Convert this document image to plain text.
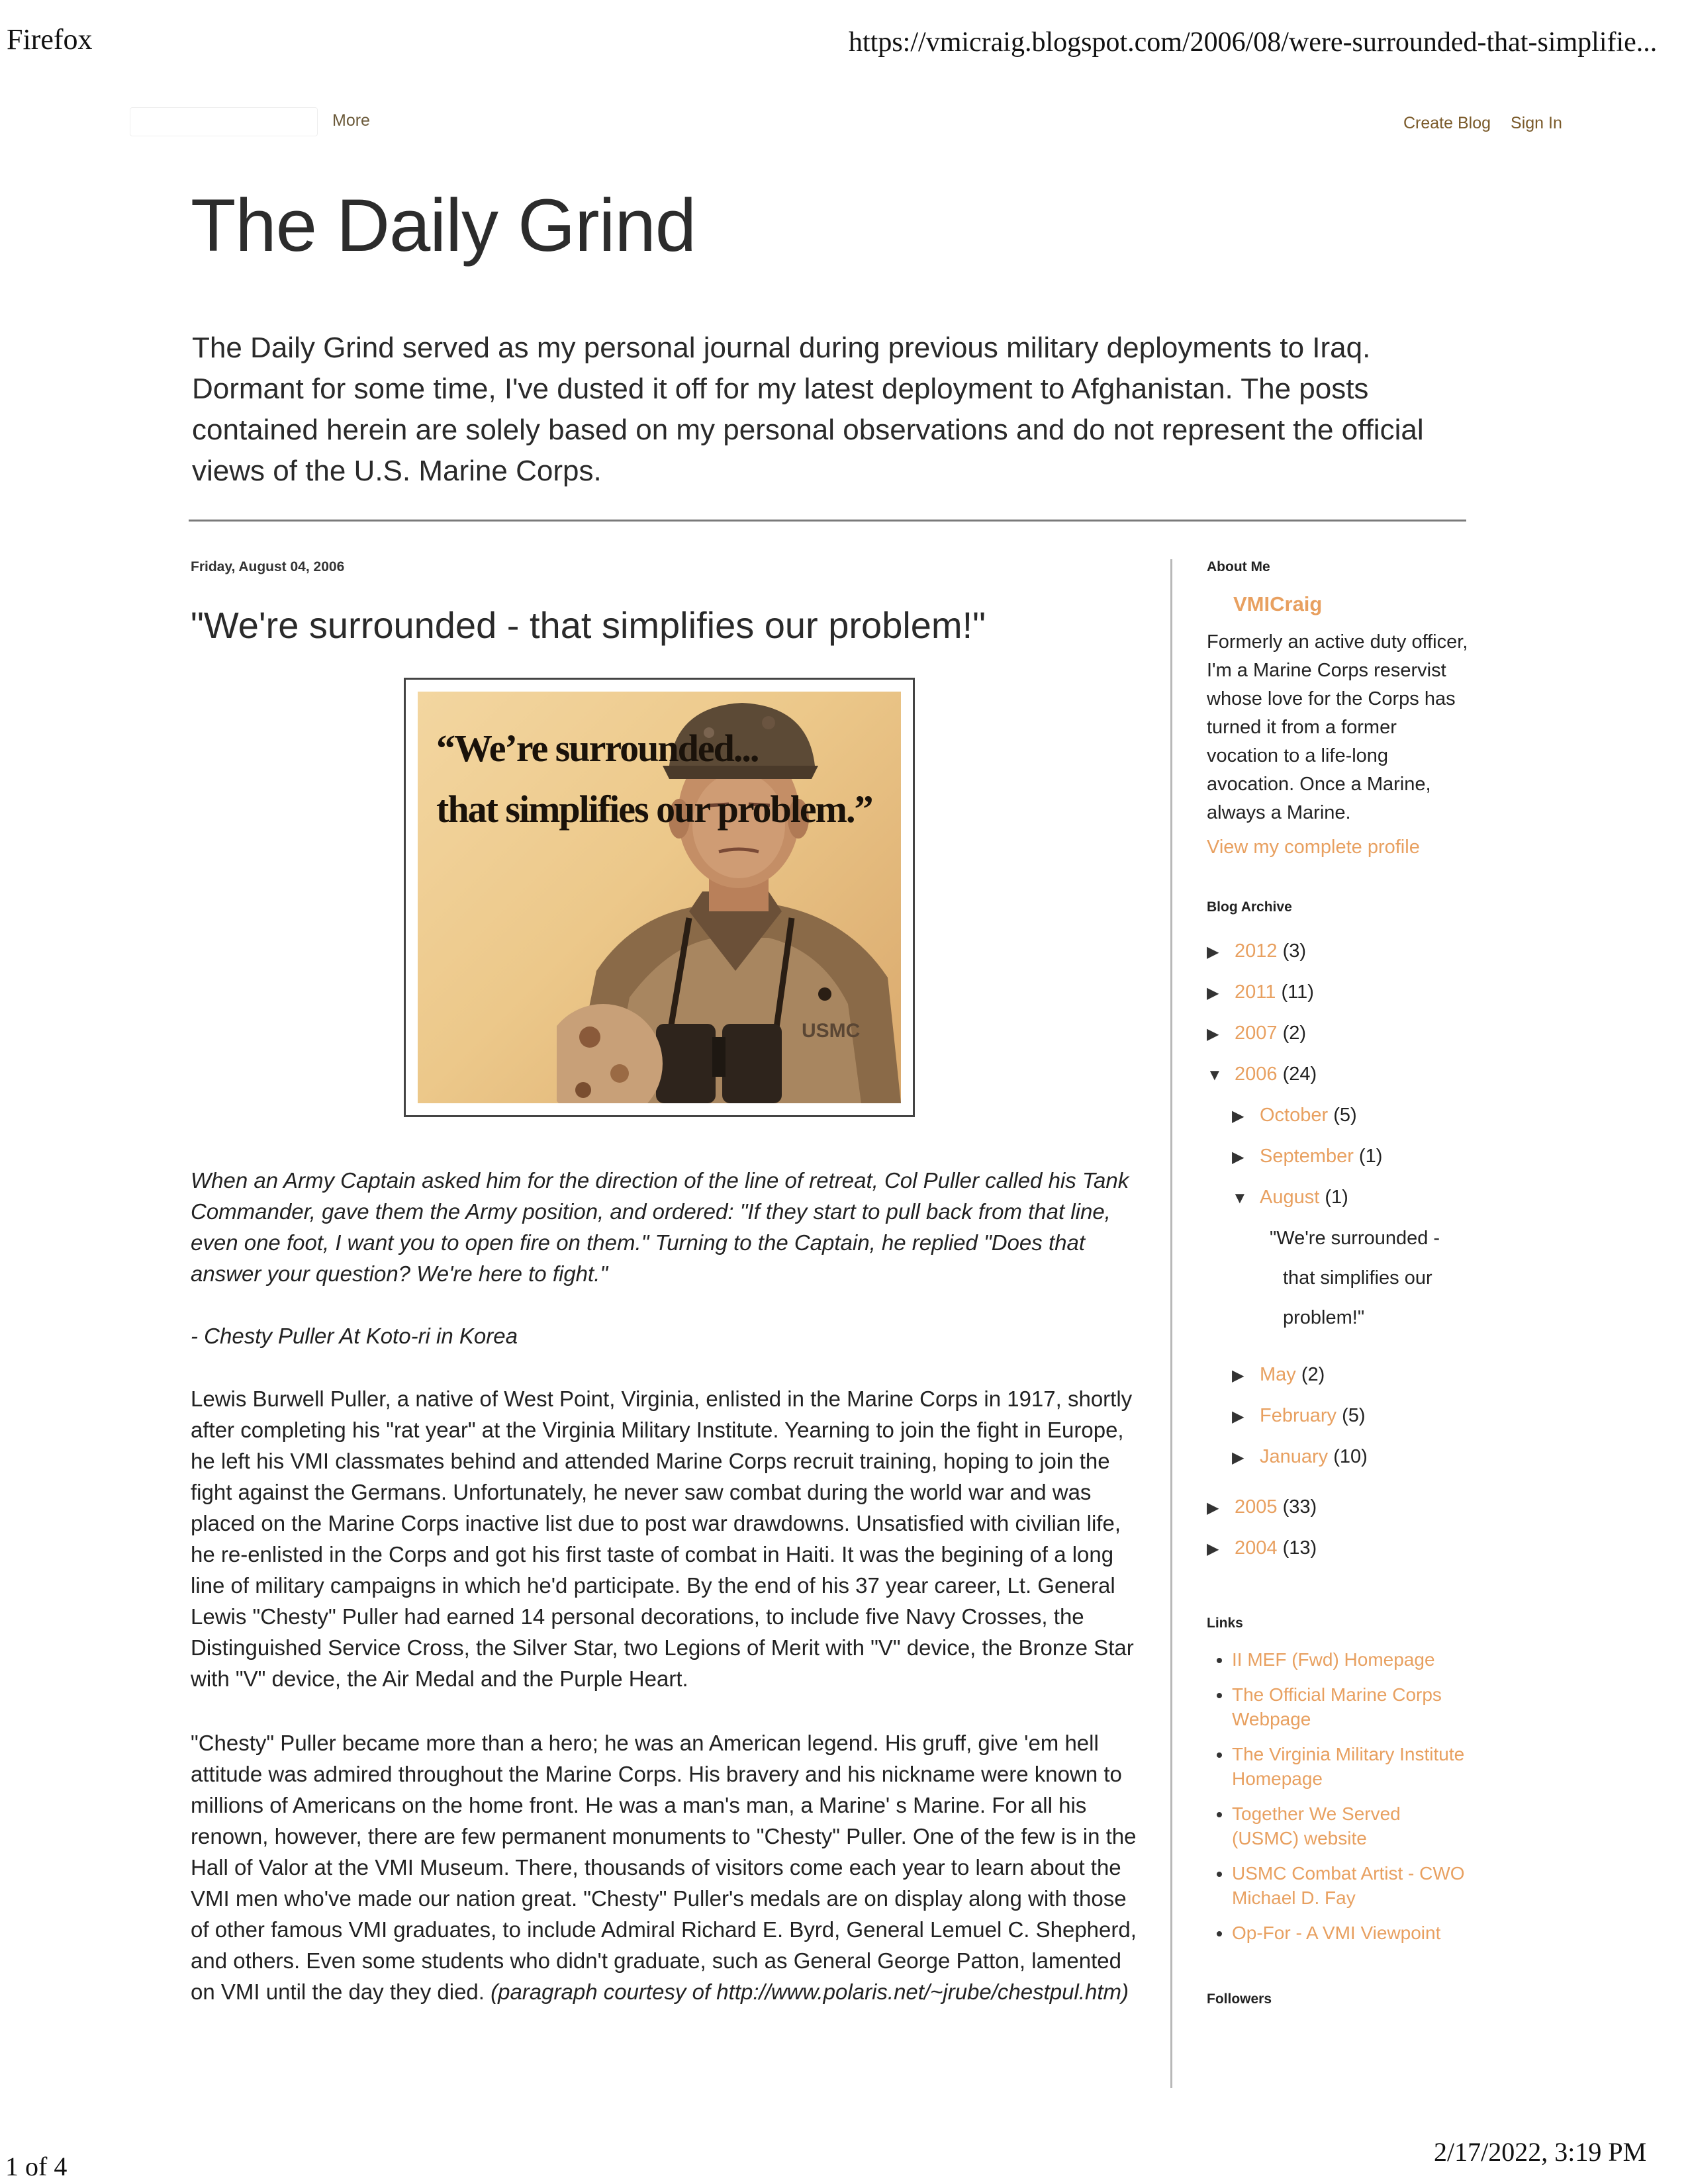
Firefox	https://vmicraig.blogspot.com/2006/08/were-surrounded-that-simplifie...
More	Create Blog Sign In
The Daily Grind
The Daily Grind served as my personal journal during previous military deployments to Iraq. Dormant for some time, I've dusted it off for my latest deployment to Afghanistan. The posts contained herein are solely based on my personal observations and do not represent the official views of the U.S. Marine Corps.
Friday, August 04, 2006
"We're surrounded - that simplifies our problem!"
USMC
“We’re surrounded...
that simplifies our problem.”
When an Army Captain asked him for the direction of the line of retreat, Col Puller called his Tank Commander, gave them the Army position, and ordered: "If they start to pull back from that line, even one foot, I want you to open fire on them." Turning to the Captain, he replied "Does that answer your question? We're here to fight."
- Chesty Puller At Koto-ri in Korea
Lewis Burwell Puller, a native of West Point, Virginia, enlisted in the Marine Corps in 1917, shortly after completing his "rat year" at the Virginia Military Institute. Yearning to join the fight in Europe, he left his VMI classmates behind and attended Marine Corps recruit training, hoping to join the fight against the Germans. Unfortunately, he never saw combat during the world war and was placed on the Marine Corps inactive list due to post war drawdowns. Unsatisfied with civilian life, he re-enlisted in the Corps and got his first taste of combat in Haiti. It was the begining of a long line of military campaigns in which he'd participate. By the end of his 37 year career, Lt. General Lewis "Chesty" Puller had earned 14 personal decorations, to include five Navy Crosses, the Distinguished Service Cross, the Silver Star, two Legions of Merit with "V" device, the Bronze Star with "V" device, the Air Medal and the Purple Heart.
"Chesty" Puller became more than a hero; he was an American legend. His gruff, give 'em hell attitude was admired throughout the Marine Corps. His bravery and his nickname were known to millions of Americans on the home front. He was a man's man, a Marine' s Marine. For all his renown, however, there are few permanent monuments to "Chesty" Puller. One of the few is in the Hall of Valor at the VMI Museum. There, thousands of visitors come each year to learn about the VMI men who've made our nation great. "Chesty" Puller's medals are on display along with those of other famous VMI graduates, to include Admiral Richard E. Byrd, General Lemuel C. Shepherd, and others. Even some students who didn't graduate, such as General George Patton, lamented on VMI until the day they died. (paragraph courtesy of http://www.polaris.net/~jrube/chestpul.htm)
About Me
VMICraig
Formerly an active duty officer, I'm a Marine Corps reservist whose love for the Corps has turned it from a former vocation to a life-long avocation. Once a Marine, always a Marine.
View my complete profile
Blog Archive
▶ 2012 (3)
▶ 2011 (11)
▶ 2007 (2)
▼ 2006 (24)
▶ October (5)
▶ September (1)
▼ August (1)
"We're surrounded - that simplifies our problem!"
▶ May (2)
▶ February (5)
▶ January (10)
▶ 2005 (33)
▶ 2004 (13)
Links
• II MEF (Fwd) Homepage
• The Official Marine Corps Webpage
• The Virginia Military Institute Homepage
• Together We Served (USMC) website
• USMC Combat Artist - CWO Michael D. Fay
• Op-For - A VMI Viewpoint
Followers
1 of 4	2/17/2022, 3:19 PM
